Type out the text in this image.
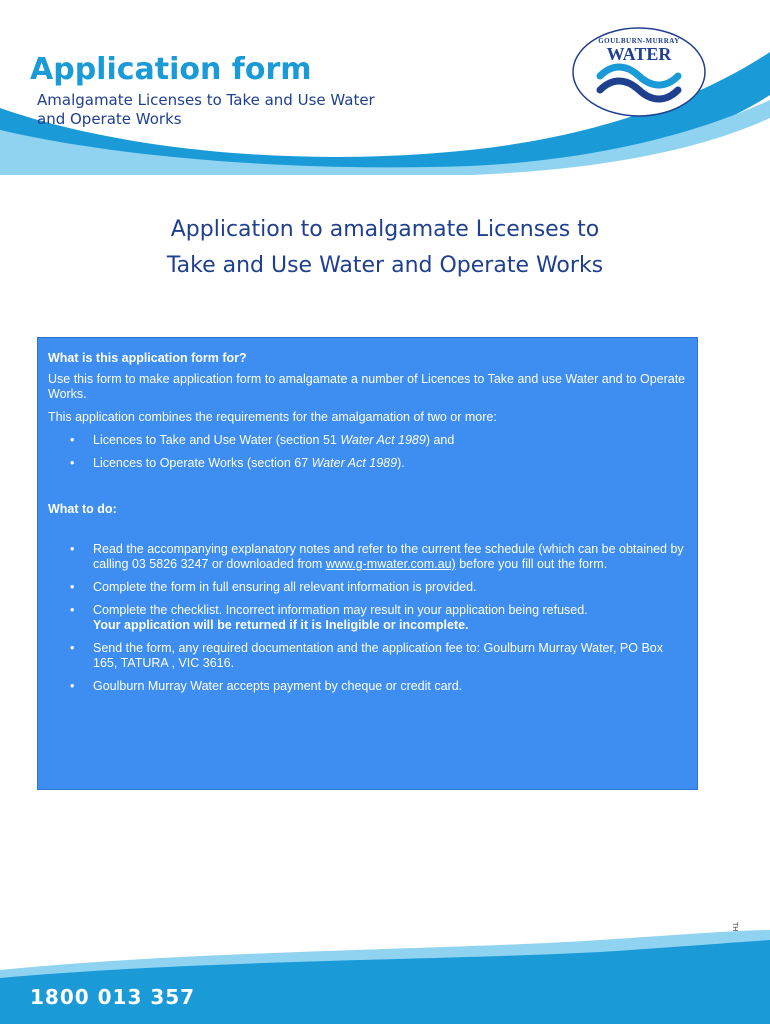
Application form
Amalgamate Licenses to Take and Use Water
and Operate Works
GOULBURN-MURRAY
WATER
Application to amalgamate Licenses to
Take and Use Water and Operate Works

What is this application form for?

Use this form to make application form to amalgamate a number of Licences to Take and use Water and to Operate Works.

This application combines the requirements for the amalgamation of two or more:

• Licences to Take and Use Water (section 51 Water Act 1989) and
• Licences to Operate Works (section 67 Water Act 1989).

What to do:

• Read the accompanying explanatory notes and refer to the current fee schedule (which can be obtained by calling 03 5826 3247 or downloaded from www.g-mwater.com.au) before you fill out the form.
• Complete the form in full ensuring all relevant information is provided.
• Complete the checklist. Incorrect information may result in your application being refused.
Your application will be returned if it is Ineligible or incomplete.
• Send the form, any required documentation and the application fee to: Goulburn Murray Water, PO Box 165, TATURA , VIC 3616.
• Goulburn Murray Water accepts payment by cheque or credit card.
1800 013 357
